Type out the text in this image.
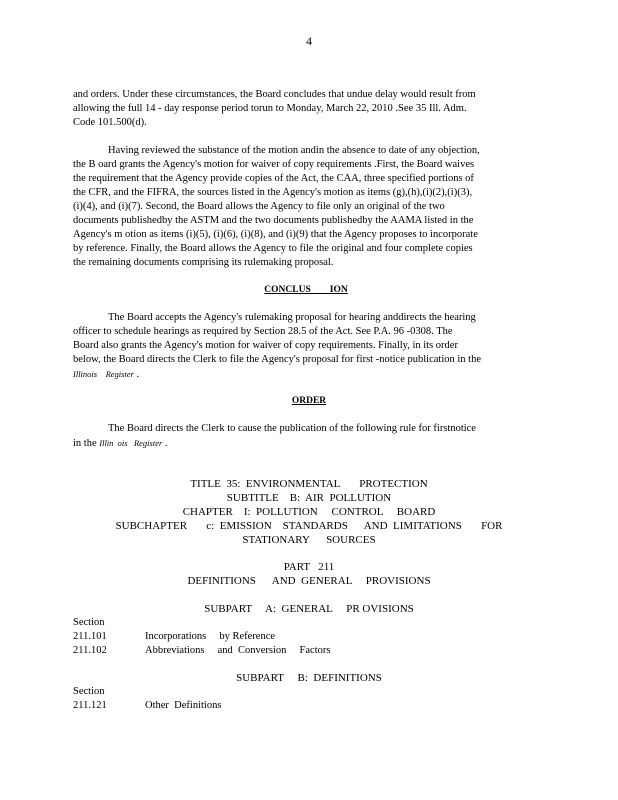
4
and orders. Under these circumstances, the Board concludes that undue delay would result from
allowing the full 14 - day response period torun to Monday, March 22, 2010 .See 35 Ill. Adm.
Code 101.500(d).
Having reviewed the substance of the motion andin the absence to date of any objection,
the B oard grants the Agency's motion for waiver of copy requirements .First, the Board waives
the requirement that the Agency provide copies of the Act, the CAA, three specified portions of
the CFR, and the FIFRA, the sources listed in the Agency's motion as items (g),(h),(i)(2),(i)(3),
(i)(4), and (i)(7). Second, the Board allows the Agency to file only an original of the two
documents publishedby the ASTM and the two documents publishedby the AAMA listed in the
Agency's m otion as items (i)(5), (i)(6), (i)(8), and (i)(9) that the Agency proposes to incorporate
by reference. Finally, the Board allows the Agency to file the original and four complete copies
the remaining documents comprising its rulemaking proposal.
CONCLUS        ION
The Board accepts the Agency's rulemaking proposal for hearing anddirects the hearing
officer to schedule hearings as required by Section 28.5 of the Act. See P.A. 96 -0308. The
Board also grants the Agency's motion for waiver of copy requirements. Finally, in its order
below, the Board directs the Clerk to file the Agency's proposal for first -notice publication in the
Illinois    Register .
ORDER
The Board directs the Clerk to cause the publication of the following rule for firstnotice
in the Illin  ois   Register .
TITLE  35:  ENVIRONMENTAL       PROTECTION
SUBTITLE    B:  AIR  POLLUTION
CHAPTER    I:  POLLUTION     CONTROL     BOARD
SUBCHAPTER       c:  EMISSION    STANDARDS      AND  LIMITATIONS       FOR
STATIONARY      SOURCES
PART   211
DEFINITIONS      AND  GENERAL     PROVISIONS
SUBPART     A:  GENERAL     PR OVISIONS
Section
211.101	Incorporations     by Reference
211.102	Abbreviations     and  Conversion     Factors
SUBPART     B:  DEFINITIONS
Section
211.121	Other  Definitions
